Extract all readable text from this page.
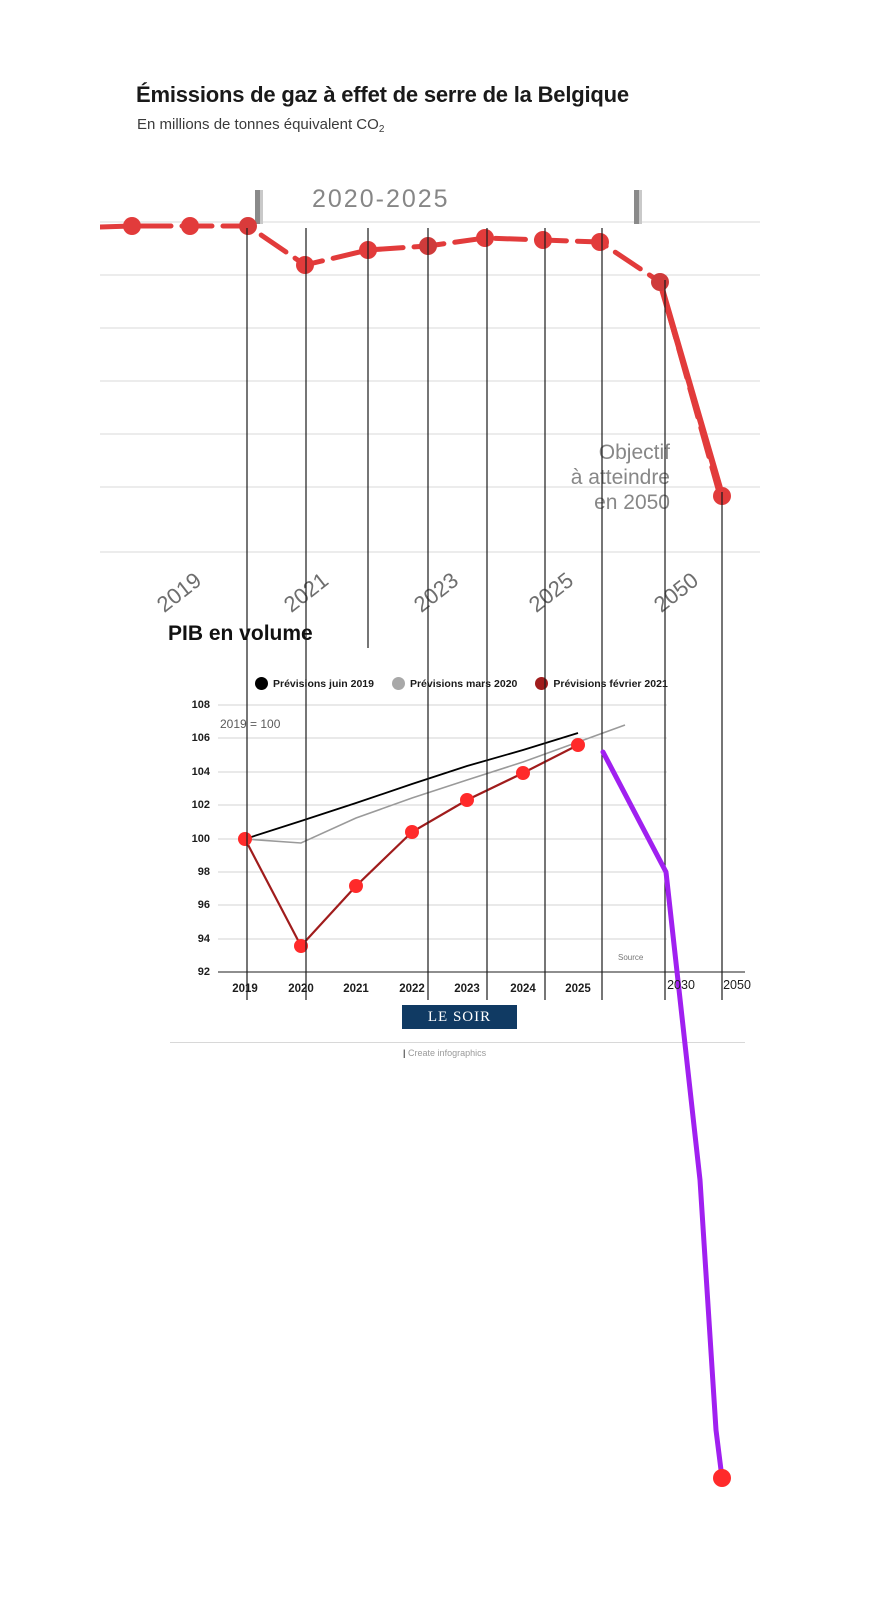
Émissions de gaz à effet de serre de la Belgique
En millions de tonnes équivalent $CO_2$
2020-2025
Objectif
à atteindre
en 2050
2019	2021	2023	2025	2050
PIB en volume
Prévisions juin 2019	Prévisions mars 2020	Prévisions février 2021
2019 = 100
Source
108
106
104
102
100
98
96
94
92
2019	2020	2021	2022	2023	2024	2025
LE SOIR
| Create infographics
2030	2050
